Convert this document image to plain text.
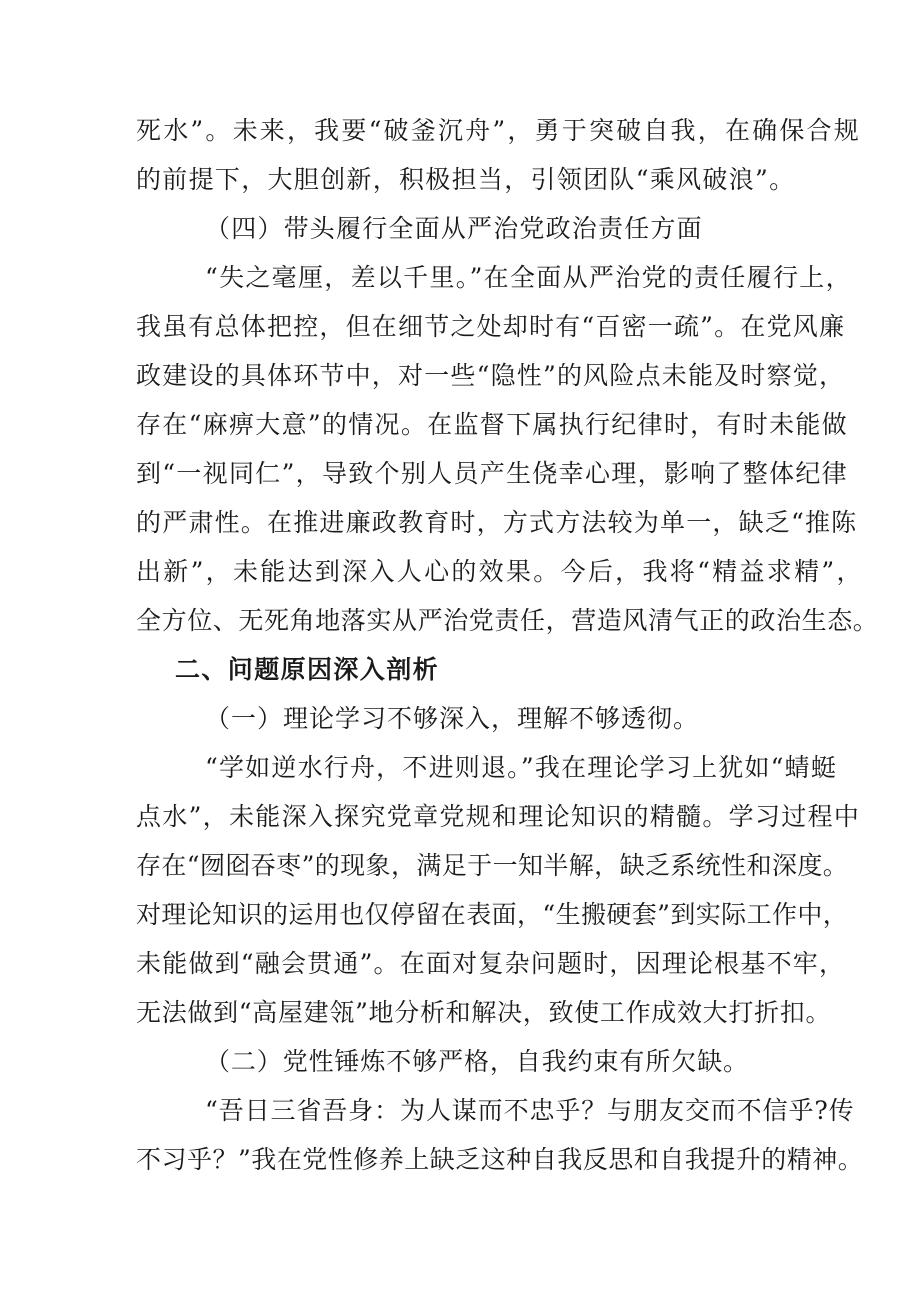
死水”。未来，我要“破釜沉舟”，勇于突破自我，在确保合规
的前提下，大胆创新，积极担当，引领团队“乘风破浪”。
（四）带头履行全面从严治党政治责任方面
“失之毫厘，差以千里。”在全面从严治党的责任履行上，
我虽有总体把控，但在细节之处却时有“百密一疏”。在党风廉
政建设的具体环节中，对一些“隐性”的风险点未能及时察觉，
存在“麻痹大意”的情况。在监督下属执行纪律时，有时未能做
到“一视同仁”，导致个别人员产生侥幸心理，影响了整体纪律
的严肃性。在推进廉政教育时，方式方法较为单一，缺乏“推陈
出新”，未能达到深入人心的效果。今后，我将“精益求精”，
全方位、无死角地落实从严治党责任，营造风清气正的政治生态。
二、问题原因深入剖析
（一）理论学习不够深入，理解不够透彻。
“学如逆水行舟，不进则退。”我在理论学习上犹如“蜻蜓
点水”，未能深入探究党章党规和理论知识的精髓。学习过程中
存在“囫囵吞枣”的现象，满足于一知半解，缺乏系统性和深度。
对理论知识的运用也仅停留在表面，“生搬硬套”到实际工作中，
未能做到“融会贯通”。在面对复杂问题时，因理论根基不牢，
无法做到“高屋建瓴”地分析和解决，致使工作成效大打折扣。
（二）党性锤炼不够严格，自我约束有所欠缺。
“吾日三省吾身：为人谋而不忠乎？与朋友交而不信乎?传
不习乎？”我在党性修养上缺乏这种自我反思和自我提升的精神。
